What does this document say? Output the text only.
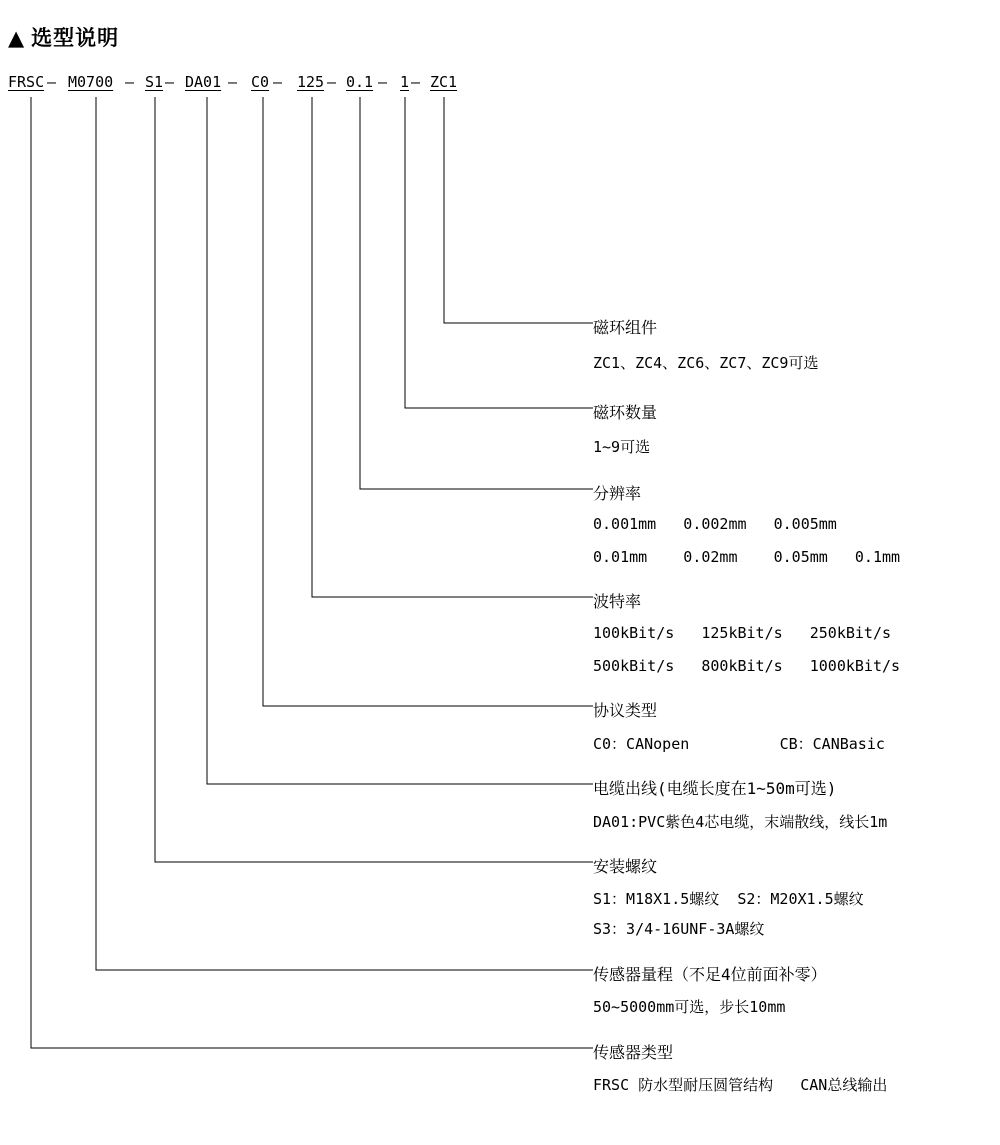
▲ 选型说明
FRSC — M0700 — S1 — DA01 — C0 — 125 — 0.1 — 1 — ZC1
磁环组件
ZC1、ZC4、ZC6、ZC7、ZC9可选
磁环数量
1~9可选
分辨率
0.001mm   0.002mm   0.005mm
0.01mm    0.02mm    0.05mm   0.1mm
波特率
100kBit/s   125kBit/s   250kBit/s
500kBit/s   800kBit/s   1000kBit/s
协议类型
C0：CANopen          CB：CANBasic
电缆出线(电缆长度在1~50m可选)
DA01:PVC紫色4芯电缆，末端散线，线长1m
安装螺纹
S1：M18X1.5螺纹  S2：M20X1.5螺纹
S3：3/4-16UNF-3A螺纹
传感器量程（不足4位前面补零）
50~5000mm可选，步长10mm
传感器类型
FRSC 防水型耐压圆管结构   CAN总线输出
